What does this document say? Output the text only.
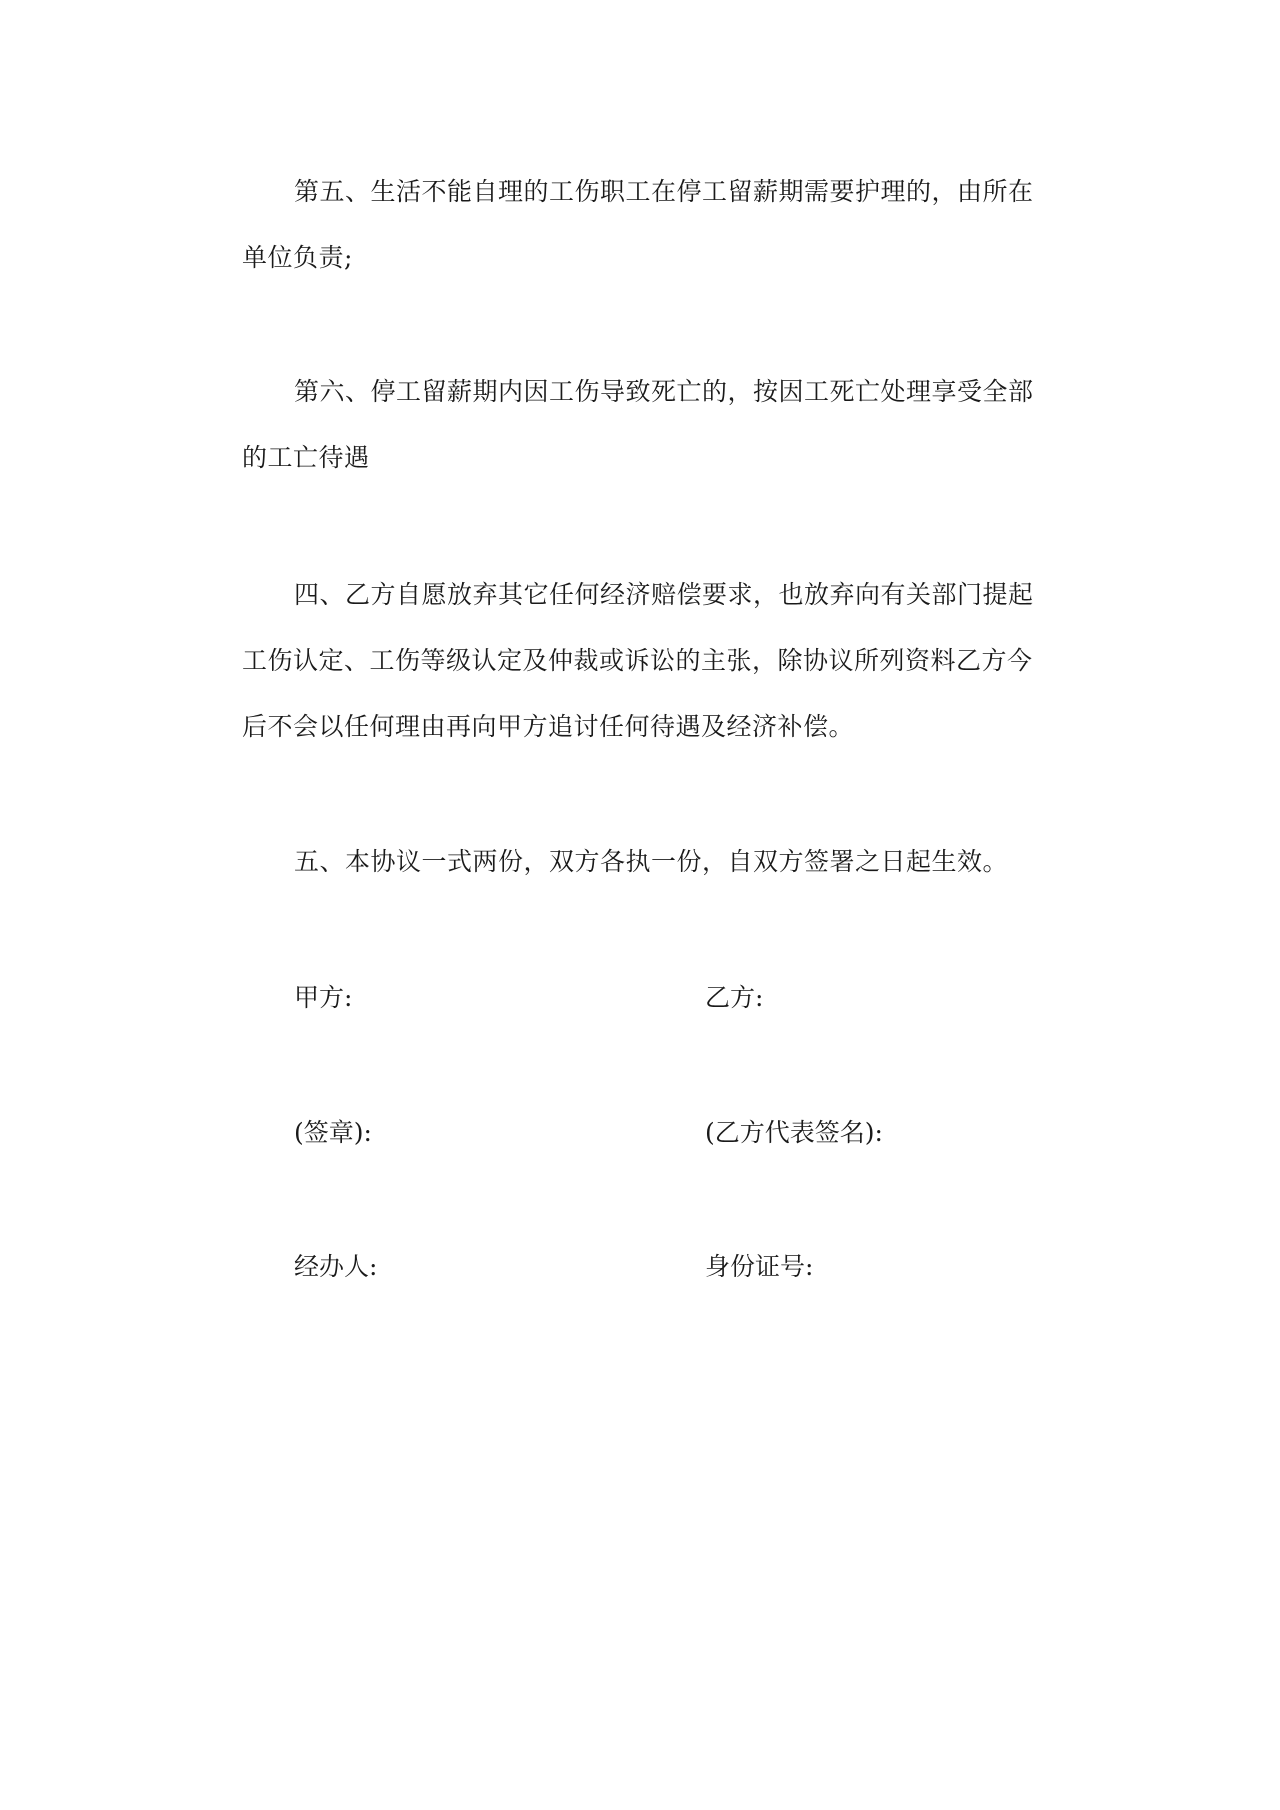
第五、生活不能自理的工伤职工在停工留薪期需要护理的，由所在单位负责;

第六、停工留薪期内因工伤导致死亡的，按因工死亡处理享受全部的工亡待遇

四、乙方自愿放弃其它任何经济赔偿要求，也放弃向有关部门提起工伤认定、工伤等级认定及仲裁或诉讼的主张，除协议所列资料乙方今后不会以任何理由再向甲方追讨任何待遇及经济补偿。

五、本协议一式两份，双方各执一份，自双方签署之日起生效。

甲方:	乙方:

(签章):	(乙方代表签名):

经办人:	身份证号:
